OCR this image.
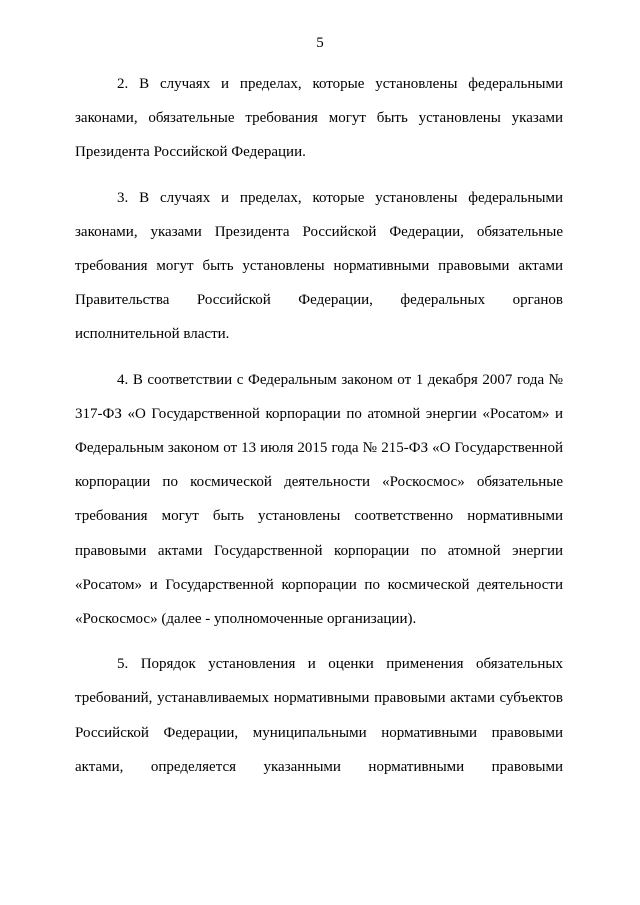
5

2. В случаях и пределах, которые установлены федеральными законами, обязательные требования могут быть установлены указами Президента Российской Федерации.

3. В случаях и пределах, которые установлены федеральными законами, указами Президента Российской Федерации, обязательные требования могут быть установлены нормативными правовыми актами Правительства Российской Федерации, федеральных органов исполнительной власти.

4. В соответствии с Федеральным законом от 1 декабря 2007 года № 317-ФЗ «О Государственной корпорации по атомной энергии «Росатом» и Федеральным законом от 13 июля 2015 года № 215-ФЗ «О Государственной корпорации по космической деятельности «Роскосмос» обязательные требования могут быть установлены соответственно нормативными правовыми актами Государственной корпорации по атомной энергии «Росатом» и Государственной корпорации по космической деятельности «Роскосмос» (далее - уполномоченные организации).

5. Порядок установления и оценки применения обязательных требований, устанавливаемых нормативными правовыми актами субъектов Российской Федерации, муниципальными нормативными правовыми актами, определяется указанными нормативными правовыми
